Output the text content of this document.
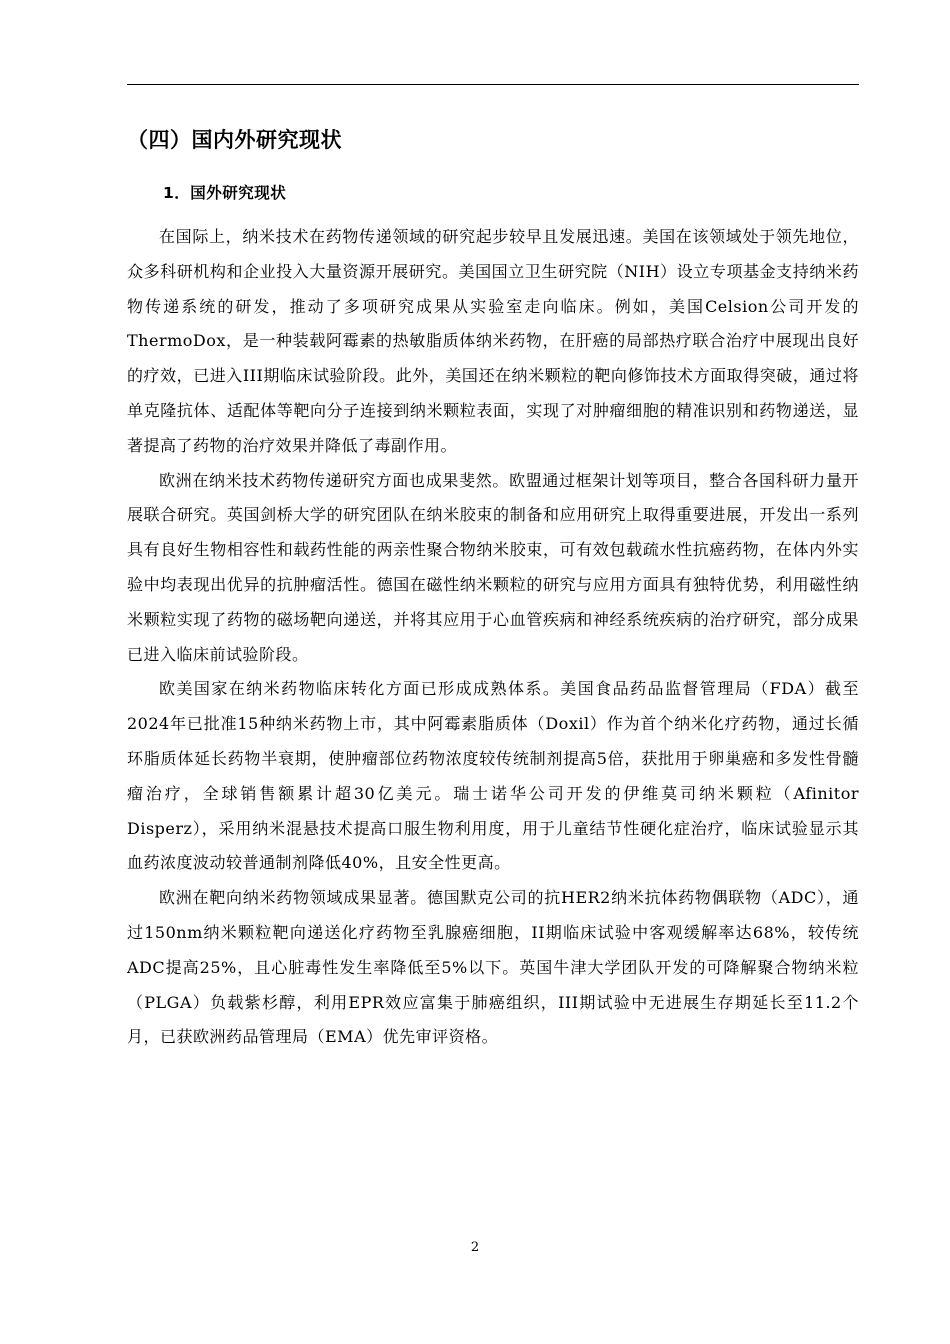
（四）国内外研究现状
1．国外研究现状

在国际上，纳米技术在药物传递领域的研究起步较早且发展迅速。美国在该领域处于领先地位，众多科研机构和企业投入大量资源开展研究。美国国立卫生研究院（NIH）设立专项基金支持纳米药物传递系统的研发，推动了多项研究成果从实验室走向临床。例如，美国Celsion公司开发的ThermoDox，是一种装载阿霉素的热敏脂质体纳米药物，在肝癌的局部热疗联合治疗中展现出良好的疗效，已进入III期临床试验阶段。此外，美国还在纳米颗粒的靶向修饰技术方面取得突破，通过将单克隆抗体、适配体等靶向分子连接到纳米颗粒表面，实现了对肿瘤细胞的精准识别和药物递送，显著提高了药物的治疗效果并降低了毒副作用。

欧洲在纳米技术药物传递研究方面也成果斐然。欧盟通过框架计划等项目，整合各国科研力量开展联合研究。英国剑桥大学的研究团队在纳米胶束的制备和应用研究上取得重要进展，开发出一系列具有良好生物相容性和载药性能的两亲性聚合物纳米胶束，可有效包载疏水性抗癌药物，在体内外实验中均表现出优异的抗肿瘤活性。德国在磁性纳米颗粒的研究与应用方面具有独特优势，利用磁性纳米颗粒实现了药物的磁场靶向递送，并将其应用于心血管疾病和神经系统疾病的治疗研究，部分成果已进入临床前试验阶段。

欧美国家在纳米药物临床转化方面已形成成熟体系。美国食品药品监督管理局（FDA）截至2024年已批准15种纳米药物上市，其中阿霉素脂质体（Doxil）作为首个纳米化疗药物，通过长循环脂质体延长药物半衰期，使肿瘤部位药物浓度较传统制剂提高5倍，获批用于卵巢癌和多发性骨髓瘤治疗，全球销售额累计超30亿美元。瑞士诺华公司开发的伊维莫司纳米颗粒（Afinitor Disperz），采用纳米混悬技术提高口服生物利用度，用于儿童结节性硬化症治疗，临床试验显示其血药浓度波动较普通制剂降低40%，且安全性更高。

欧洲在靶向纳米药物领域成果显著。德国默克公司的抗HER2纳米抗体药物偶联物（ADC），通过150nm纳米颗粒靶向递送化疗药物至乳腺癌细胞，II期临床试验中客观缓解率达68%，较传统ADC提高25%，且心脏毒性发生率降低至5%以下。英国牛津大学团队开发的可降解聚合物纳米粒（PLGA）负载紫杉醇，利用EPR效应富集于肺癌组织，III期试验中无进展生存期延长至11.2个月，已获欧洲药品管理局（EMA）优先审评资格。

2
